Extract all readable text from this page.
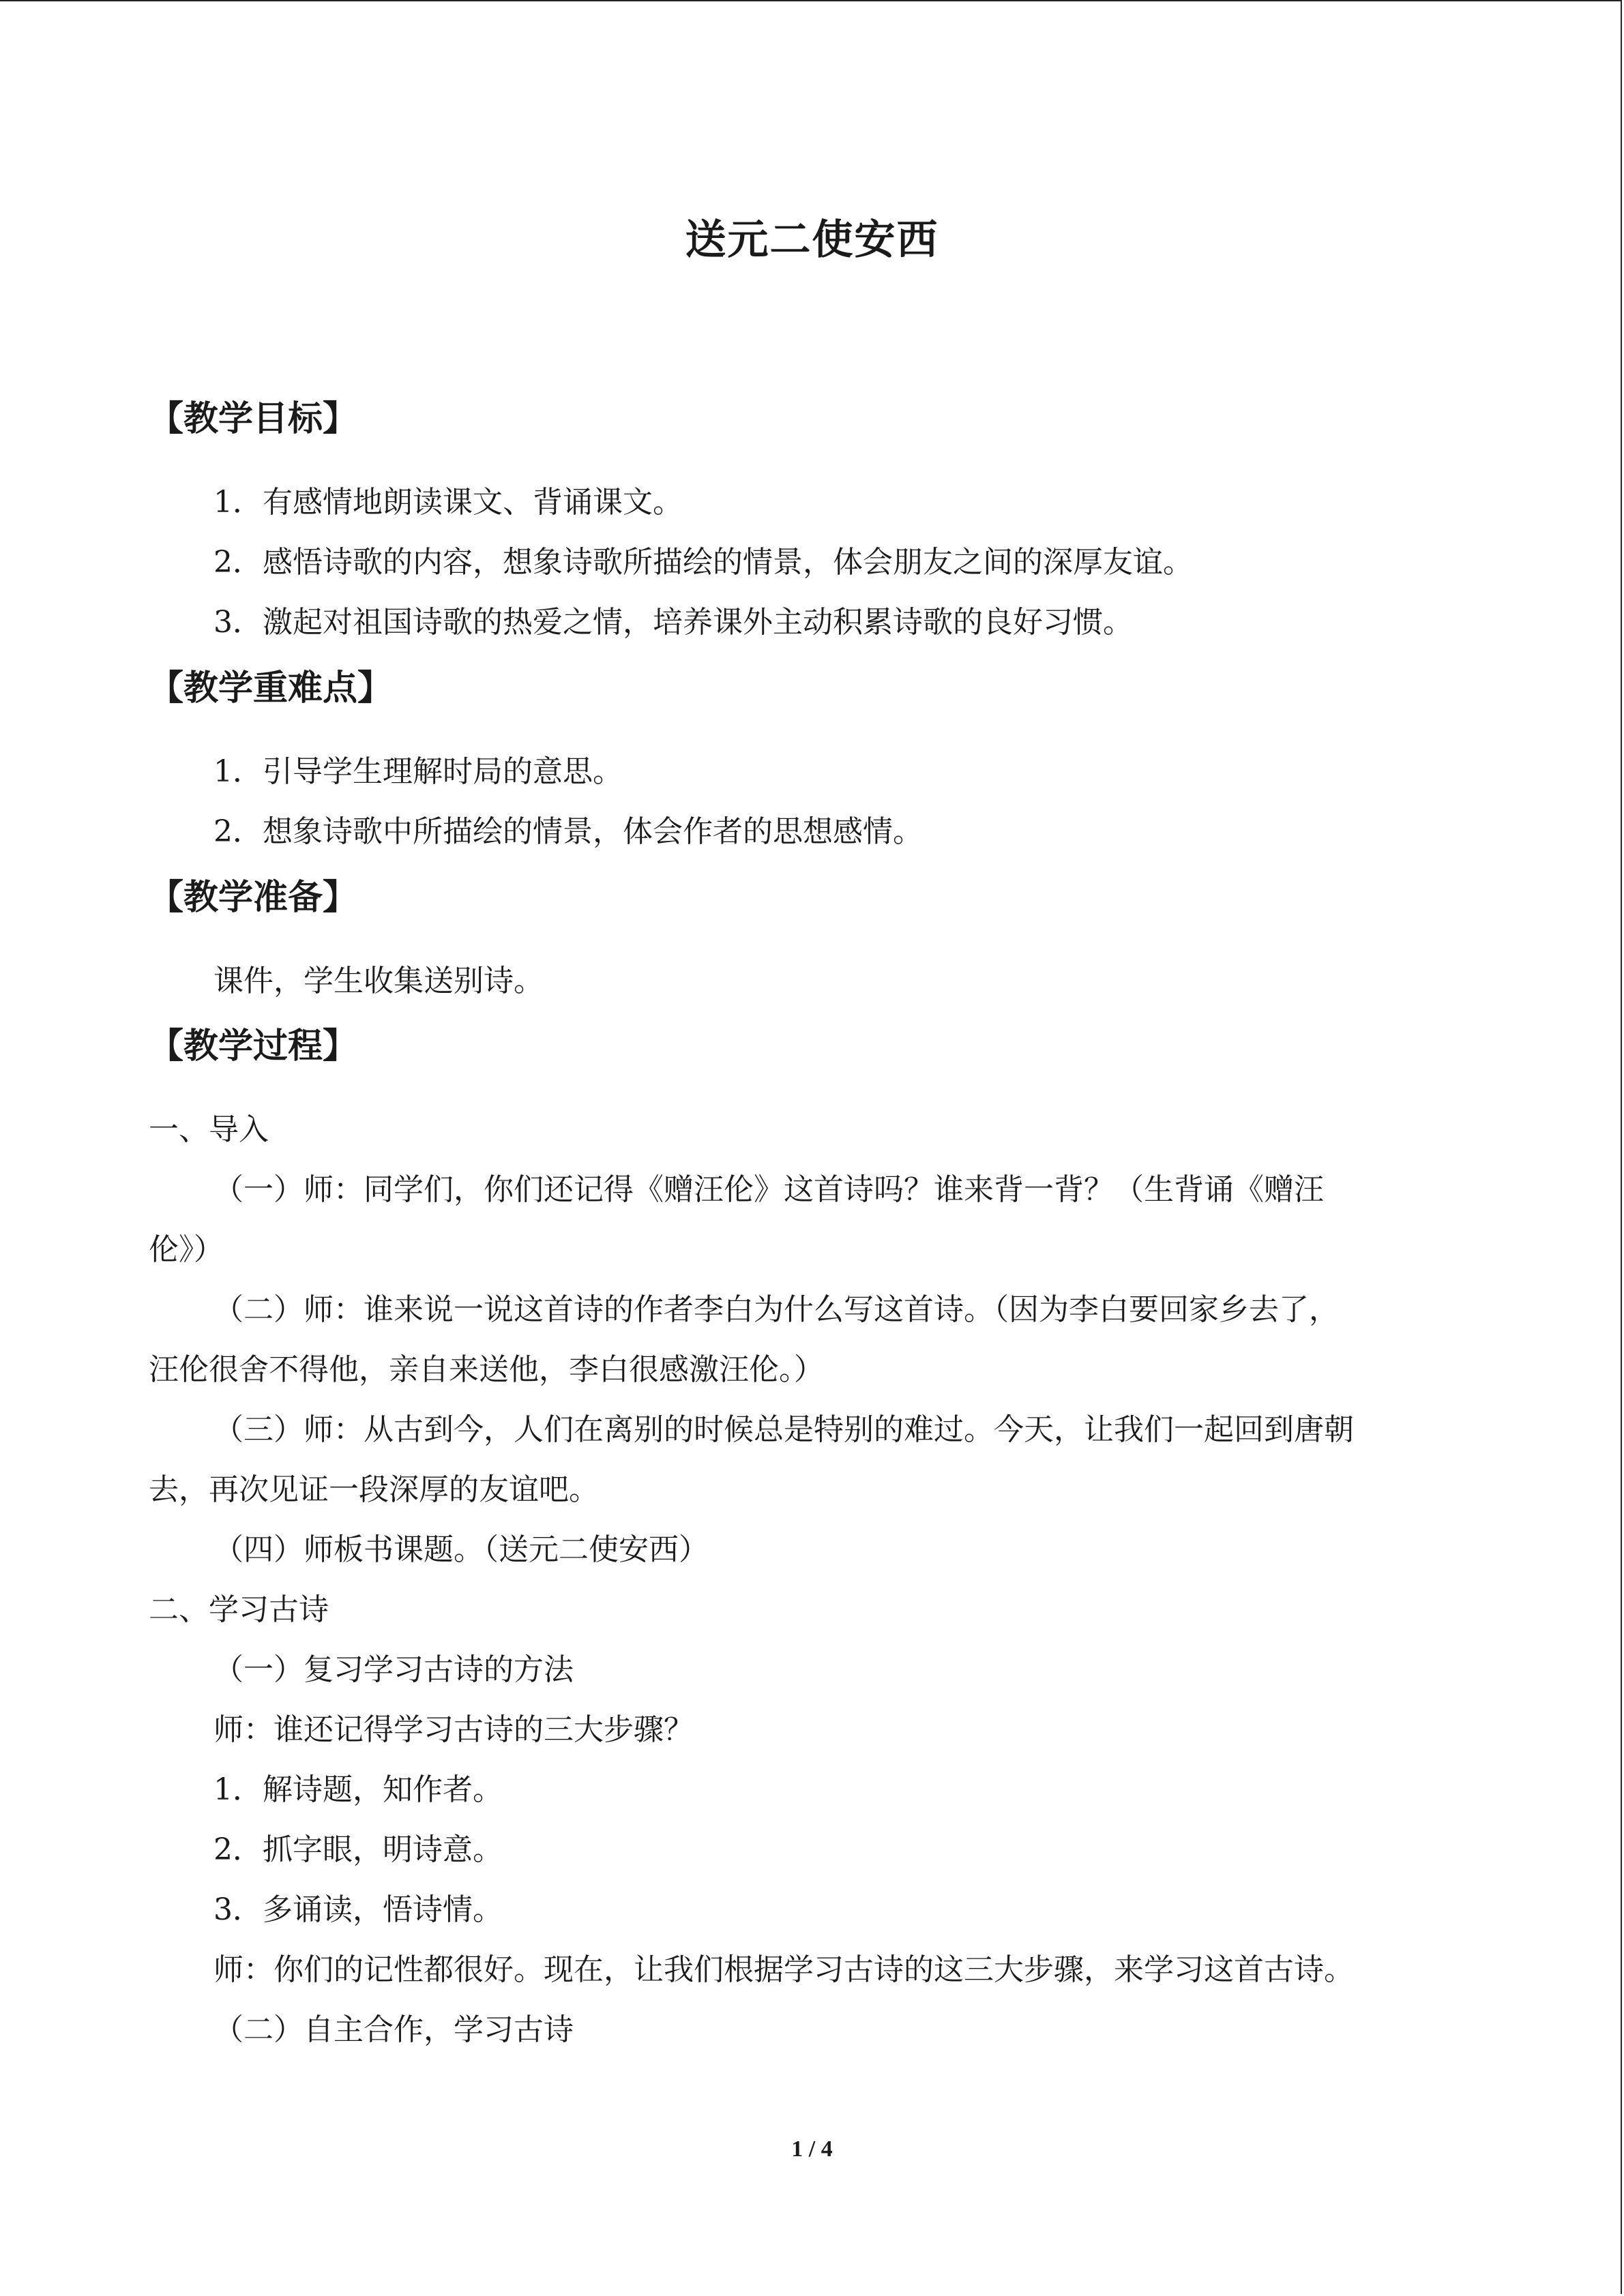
送元二使安西
【教学目标】
1．有感情地朗读课文、背诵课文。
2．感悟诗歌的内容，想象诗歌所描绘的情景，体会朋友之间的深厚友谊。
3．激起对祖国诗歌的热爱之情，培养课外主动积累诗歌的良好习惯。
【教学重难点】
1．引导学生理解时局的意思。
2．想象诗歌中所描绘的情景，体会作者的思想感情。
【教学准备】
课件，学生收集送别诗。
【教学过程】
一、导入
（一）师：同学们，你们还记得《赠汪伦》这首诗吗？谁来背一背？（生背诵《赠汪
伦》）
（二）师：谁来说一说这首诗的作者李白为什么写这首诗。（因为李白要回家乡去了，
汪伦很舍不得他，亲自来送他，李白很感激汪伦。）
（三）师：从古到今，人们在离别的时候总是特别的难过。今天，让我们一起回到唐朝
去，再次见证一段深厚的友谊吧。
（四）师板书课题。（送元二使安西）
二、学习古诗
（一）复习学习古诗的方法
师：谁还记得学习古诗的三大步骤？
1．解诗题，知作者。
2．抓字眼，明诗意。
3．多诵读，悟诗情。
师：你们的记性都很好。现在，让我们根据学习古诗的这三大步骤，来学习这首古诗。
（二）自主合作，学习古诗
1 / 4
